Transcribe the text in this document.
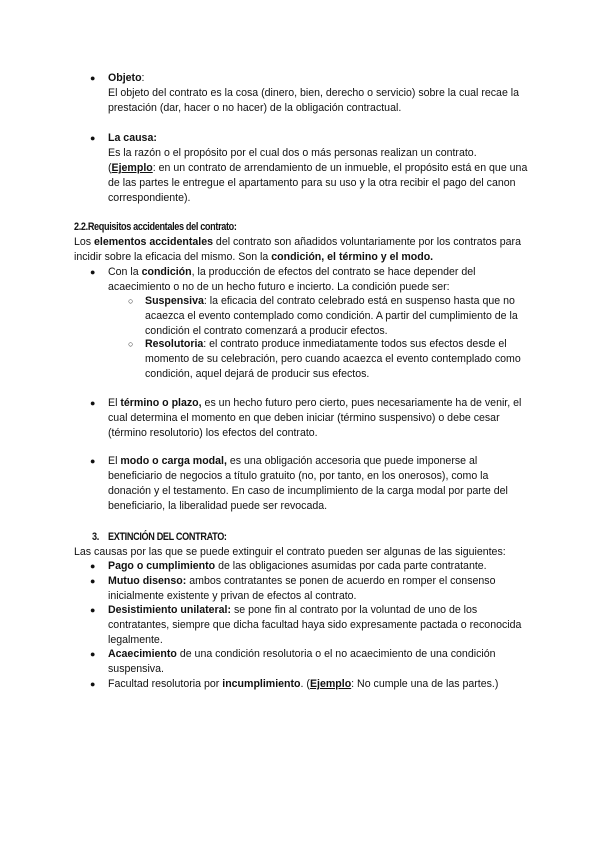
● Objeto:
El objeto del contrato es la cosa (dinero, bien, derecho o servicio) sobre la cual recae la prestación (dar, hacer o no hacer) de la obligación contractual.
● La causa:
Es la razón o el propósito por el cual dos o más personas realizan un contrato.
(Ejemplo: en un contrato de arrendamiento de un inmueble, el propósito está en que una de las partes le entregue el apartamento para su uso y la otra recibir el pago del canon correspondiente).
2.2.Requisitos accidentales del contrato:
Los elementos accidentales del contrato son añadidos voluntariamente por los contratos para incidir sobre la eficacia del mismo. Son la condición, el término y el modo.
● Con la condición, la producción de efectos del contrato se hace depender del acaecimiento o no de un hecho futuro e incierto. La condición puede ser:
○ Suspensiva: la eficacia del contrato celebrado está en suspenso hasta que no acaezca el evento contemplado como condición. A partir del cumplimiento de la condición el contrato comenzará a producir efectos.
○ Resolutoria: el contrato produce inmediatamente todos sus efectos desde el momento de su celebración, pero cuando acaezca el evento contemplado como condición, aquel dejará de producir sus efectos.
● El término o plazo, es un hecho futuro pero cierto, pues necesariamente ha de venir, el cual determina el momento en que deben iniciar (término suspensivo) o debe cesar (término resolutorio) los efectos del contrato.
● El modo o carga modal, es una obligación accesoria que puede imponerse al beneficiario de negocios a título gratuito (no, por tanto, en los onerosos), como la donación y el testamento. En caso de incumplimiento de la carga modal por parte del beneficiario, la liberalidad puede ser revocada.
3. EXTINCIÓN DEL CONTRATO:
Las causas por las que se puede extinguir el contrato pueden ser algunas de las siguientes:
● Pago o cumplimiento de las obligaciones asumidas por cada parte contratante.
● Mutuo disenso: ambos contratantes se ponen de acuerdo en romper el consenso inicialmente existente y privan de efectos al contrato.
● Desistimiento unilateral: se pone fin al contrato por la voluntad de uno de los contratantes, siempre que dicha facultad haya sido expresamente pactada o reconocida legalmente.
● Acaecimiento de una condición resolutoria o el no acaecimiento de una condición suspensiva.
● Facultad resolutoria por incumplimiento. (Ejemplo: No cumple una de las partes.)
